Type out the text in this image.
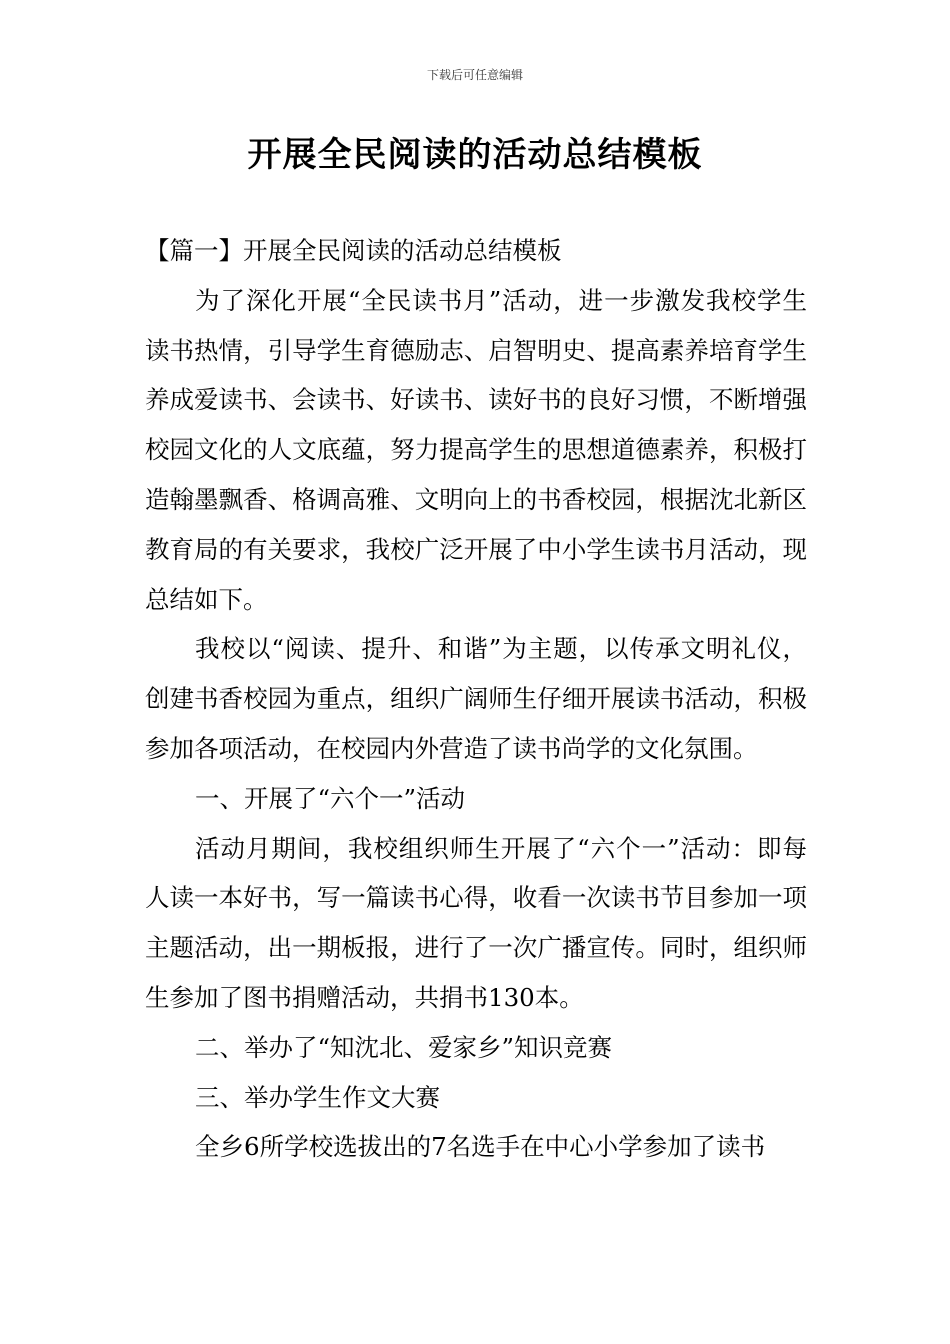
下载后可任意编辑
开展全民阅读的活动总结模板

【篇一】开展全民阅读的活动总结模板

为了深化开展“全民读书月”活动，进一步激发我校学生读书热情，引导学生育德励志、启智明史、提高素养培育学生养成爱读书、会读书、好读书、读好书的良好习惯，不断增强校园文化的人文底蕴，努力提高学生的思想道德素养，积极打造翰墨飘香、格调高雅、文明向上的书香校园，根据沈北新区教育局的有关要求，我校广泛开展了中小学生读书月活动，现总结如下。

我校以“阅读、提升、和谐”为主题，以传承文明礼仪，创建书香校园为重点，组织广阔师生仔细开展读书活动，积极参加各项活动，在校园内外营造了读书尚学的文化氛围。

一、开展了“六个一”活动

活动月期间，我校组织师生开展了“六个一”活动：即每人读一本好书，写一篇读书心得，收看一次读书节目参加一项主题活动，出一期板报，进行了一次广播宣传。同时，组织师生参加了图书捐赠活动，共捐书130本。

二、举办了“知沈北、爱家乡”知识竞赛

三、举办学生作文大赛

全乡6所学校选拔出的7名选手在中心小学参加了读书
